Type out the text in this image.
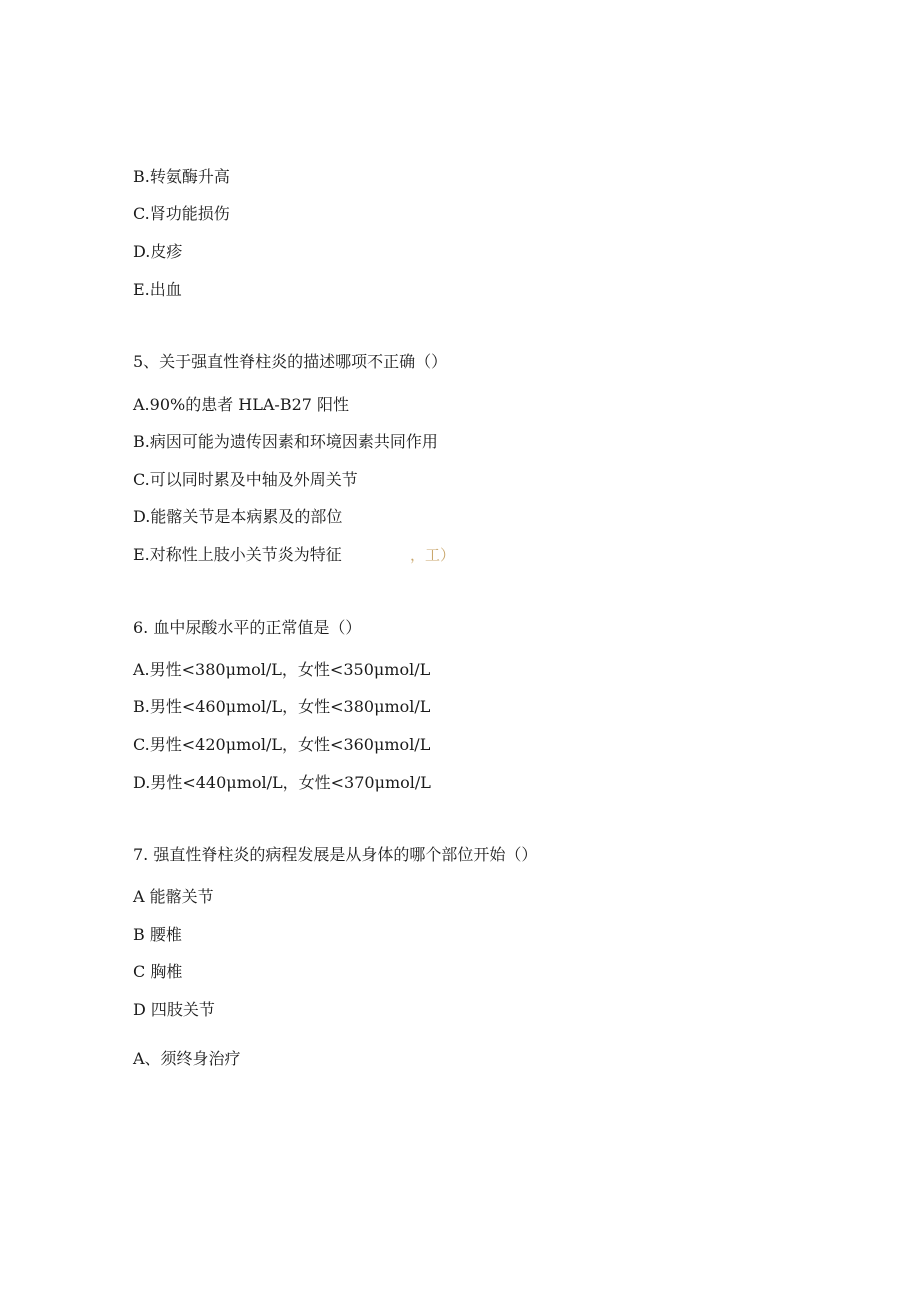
B.转氨酶升高
C.肾功能损伤
D.皮疹
E.出血
5、关于强直性脊柱炎的描述哪项不正确（）
A.90%的患者 HLA-B27 阳性
B.病因可能为遗传因素和环境因素共同作用
C.可以同时累及中轴及外周关节
D.能髂关节是本病累及的部位
E.对称性上肢小关节炎为特征	，工）
6. 血中尿酸水平的正常值是（）
A.男性<380μmol∕L，女性<350μmol/L
B.男性<460μmol∕L，女性<380μmol∕L
C.男性<420μmol∕L，女性<360μmol∕L
D.男性<440μmol∕L，女性<370μmol∕L
7. 强直性脊柱炎的病程发展是从身体的哪个部位开始（）
A 能髂关节
B 腰椎
C 胸椎
D 四肢关节
A、须终身治疗
